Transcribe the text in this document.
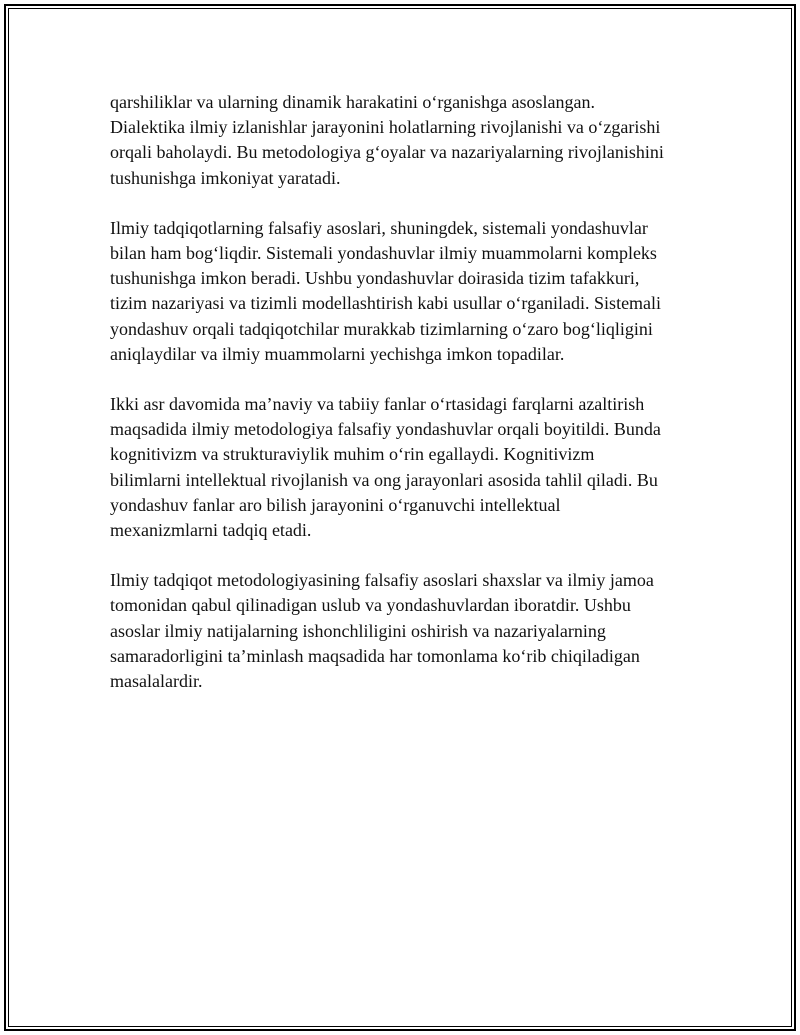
qarshiliklar va ularning dinamik harakatini o‘rganishga asoslangan.
Dialektika ilmiy izlanishlar jarayonini holatlarning rivojlanishi va o‘zgarishi
orqali baholaydi. Bu metodologiya g‘oyalar va nazariyalarning rivojlanishini
tushunishga imkoniyat yaratadi.

Ilmiy tadqiqotlarning falsafiy asoslari, shuningdek, sistemali yondashuvlar
bilan ham bog‘liqdir. Sistemali yondashuvlar ilmiy muammolarni kompleks
tushunishga imkon beradi. Ushbu yondashuvlar doirasida tizim tafakkuri,
tizim nazariyasi va tizimli modellashtirish kabi usullar o‘rganiladi. Sistemali
yondashuv orqali tadqiqotchilar murakkab tizimlarning o‘zaro bog‘liqligini
aniqlaydilar va ilmiy muammolarni yechishga imkon topadilar.

Ikki asr davomida ma’naviy va tabiiy fanlar o‘rtasidagi farqlarni azaltirish
maqsadida ilmiy metodologiya falsafiy yondashuvlar orqali boyitildi. Bunda
kognitivizm va strukturaviylik muhim o‘rin egallaydi. Kognitivizm
bilimlarni intellektual rivojlanish va ong jarayonlari asosida tahlil qiladi. Bu
yondashuv fanlar aro bilish jarayonini o‘rganuvchi intellektual
mexanizmlarni tadqiq etadi.

Ilmiy tadqiqot metodologiyasining falsafiy asoslari shaxslar va ilmiy jamoa
tomonidan qabul qilinadigan uslub va yondashuvlardan iboratdir. Ushbu
asoslar ilmiy natijalarning ishonchliligini oshirish va nazariyalarning
samaradorligini ta’minlash maqsadida har tomonlama ko‘rib chiqiladigan
masalalardir.
